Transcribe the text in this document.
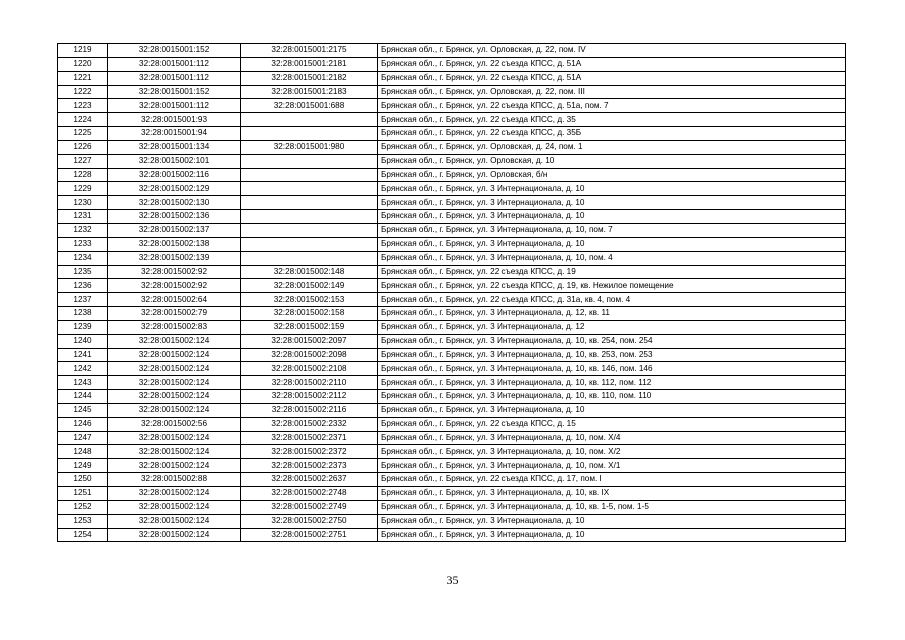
1219	32:28:0015001:152	32:28:0015001:2175	Брянская обл., г. Брянск, ул. Орловская, д. 22, пом. IV
1220	32:28:0015001:112	32:28:0015001:2181	Брянская обл., г. Брянск, ул. 22 съезда КПСС, д. 51А
1221	32:28:0015001:112	32:28:0015001:2182	Брянская обл., г. Брянск, ул. 22 съезда КПСС, д. 51А
1222	32:28:0015001:152	32:28:0015001:2183	Брянская обл., г. Брянск, ул. Орловская, д. 22, пом. III
1223	32:28:0015001:112	32:28:0015001:688	Брянская обл., г. Брянск, ул. 22 съезда КПСС, д. 51а, пом. 7
1224	32:28:0015001:93		Брянская обл., г. Брянск, ул. 22 съезда КПСС, д. 35
1225	32:28:0015001:94		Брянская обл., г. Брянск, ул. 22 съезда КПСС, д. 35Б
1226	32:28:0015001:134	32:28:0015001:980	Брянская обл., г. Брянск, ул. Орловская, д. 24, пом. 1
1227	32:28:0015002:101		Брянская обл., г. Брянск, ул. Орловская, д. 10
1228	32:28:0015002:116		Брянская обл., г. Брянск, ул. Орловская, б/н
1229	32:28:0015002:129		Брянская обл., г. Брянск, ул. 3 Интернационала, д. 10
1230	32:28:0015002:130		Брянская обл., г. Брянск, ул. 3 Интернационала, д. 10
1231	32:28:0015002:136		Брянская обл., г. Брянск, ул. 3 Интернационала, д. 10
1232	32:28:0015002:137		Брянская обл., г. Брянск, ул. 3 Интернационала, д. 10, пом. 7
1233	32:28:0015002:138		Брянская обл., г. Брянск, ул. 3 Интернационала, д. 10
1234	32:28:0015002:139		Брянская обл., г. Брянск, ул. 3 Интернационала, д. 10, пом. 4
1235	32:28:0015002:92	32:28:0015002:148	Брянская обл., г. Брянск, ул. 22 съезда КПСС, д. 19
1236	32:28:0015002:92	32:28:0015002:149	Брянская обл., г. Брянск, ул. 22 съезда КПСС, д. 19, кв. Нежилое помещение
1237	32:28:0015002:64	32:28:0015002:153	Брянская обл., г. Брянск, ул. 22 съезда КПСС, д. 31а, кв. 4, пом. 4
1238	32:28:0015002:79	32:28:0015002:158	Брянская обл., г. Брянск, ул. 3 Интернационала, д. 12, кв. 11
1239	32:28:0015002:83	32:28:0015002:159	Брянская обл., г. Брянск, ул. 3 Интернационала, д. 12
1240	32:28:0015002:124	32:28:0015002:2097	Брянская обл., г. Брянск, ул. 3 Интернационала, д. 10, кв. 254, пом. 254
1241	32:28:0015002:124	32:28:0015002:2098	Брянская обл., г. Брянск, ул. 3 Интернационала, д. 10, кв. 253, пом. 253
1242	32:28:0015002:124	32:28:0015002:2108	Брянская обл., г. Брянск, ул. 3 Интернационала, д. 10, кв. 146, пом. 146
1243	32:28:0015002:124	32:28:0015002:2110	Брянская обл., г. Брянск, ул. 3 Интернационала, д. 10, кв. 112, пом. 112
1244	32:28:0015002:124	32:28:0015002:2112	Брянская обл., г. Брянск, ул. 3 Интернационала, д. 10, кв. 110, пом. 110
1245	32:28:0015002:124	32:28:0015002:2116	Брянская обл., г. Брянск, ул. 3 Интернационала, д. 10
1246	32:28:0015002:56	32:28:0015002:2332	Брянская обл., г. Брянск, ул. 22 съезда КПСС, д. 15
1247	32:28:0015002:124	32:28:0015002:2371	Брянская обл., г. Брянск, ул. 3 Интернационала, д. 10, пом. X/4
1248	32:28:0015002:124	32:28:0015002:2372	Брянская обл., г. Брянск, ул. 3 Интернационала, д. 10, пом. X/2
1249	32:28:0015002:124	32:28:0015002:2373	Брянская обл., г. Брянск, ул. 3 Интернационала, д. 10, пом. X/1
1250	32:28:0015002:88	32:28:0015002:2637	Брянская обл., г. Брянск, ул. 22 съезда КПСС, д. 17, пом. I
1251	32:28:0015002:124	32:28:0015002:2748	Брянская обл., г. Брянск, ул. 3 Интернационала, д. 10, кв. IX
1252	32:28:0015002:124	32:28:0015002:2749	Брянская обл., г. Брянск, ул. 3 Интернационала, д. 10, кв. 1-5, пом. 1-5
1253	32:28:0015002:124	32:28:0015002:2750	Брянская обл., г. Брянск, ул. 3 Интернационала, д. 10
1254	32:28:0015002:124	32:28:0015002:2751	Брянская обл., г. Брянск, ул. 3 Интернационала, д. 10
35
